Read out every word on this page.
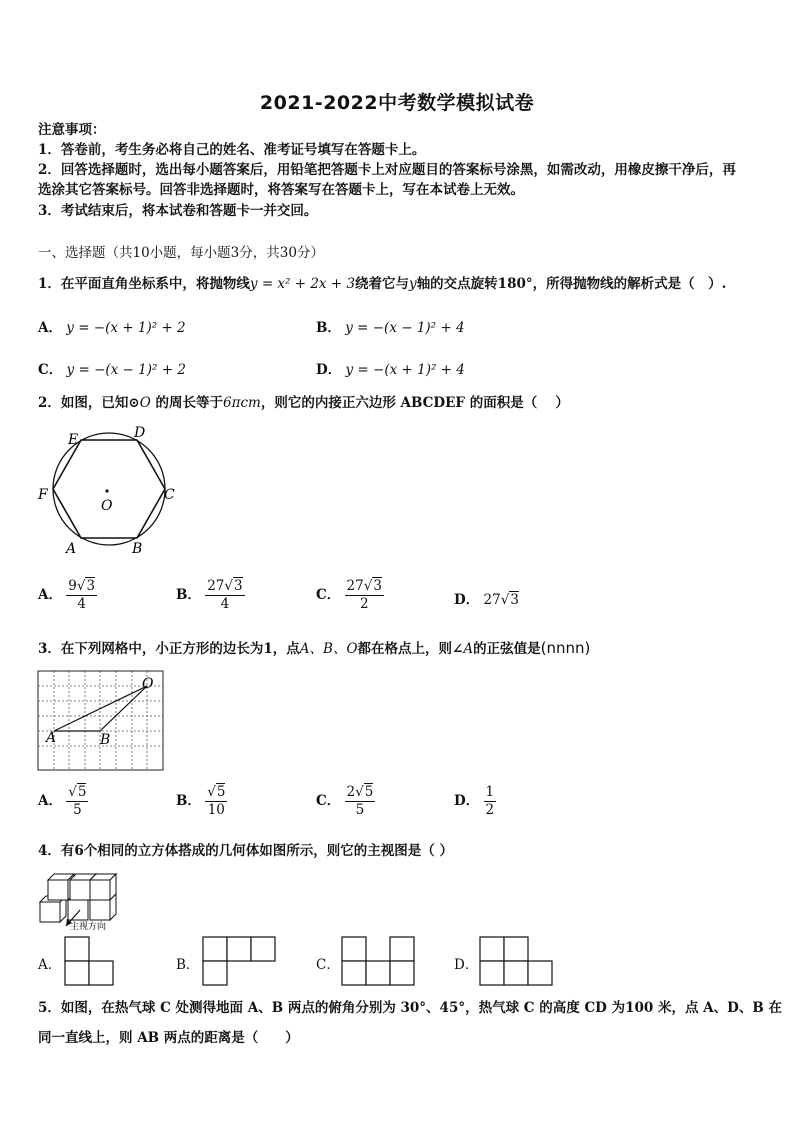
2021-2022中考数学模拟试卷
注意事项：
1．答卷前，考生务必将自己的姓名、准考证号填写在答题卡上。
2．回答选择题时，选出每小题答案后，用铅笔把答题卡上对应题目的答案标号涂黑，如需改动，用橡皮擦干净后，再
选涂其它答案标号。回答非选择题时，将答案写在答题卡上，写在本试卷上无效。
3．考试结束后，将本试卷和答题卡一并交回。
一、选择题（共10小题，每小题3分，共30分）
1．在平面直角坐标系中，将抛物线y = x² + 2x + 3绕着它与y轴的交点旋转180°，所得抛物线的解析式是（　）.
A． y = −(x + 1)² + 2	B． y = −(x − 1)² + 4
C． y = −(x − 1)² + 2	D． y = −(x + 1)² + 4
2．如图，已知⊙O 的周长等于6πcm，则它的内接正六边形 ABCDEF 的面积是（　 ）
E	D
F	C
A	B
O
A． $\frac{9√3}{4}$	B． $\frac{27√3}{4}$	C． $\frac{27√3}{2}$	D． 27√3
3．在下列网格中，小正方形的边长为1，点A、B、O都在格点上，则∠A的正弦值是(nnnn)
A	B
O
A． $\frac{√5}{5}$	B． $\frac{√5}{10}$	C． $\frac{2√5}{5}$	D． $\frac{1}{2}$
4．有6个相同的立方体搭成的几何体如图所示，则它的主视图是（ ）
主视方向
A．	B．	C．	D．
5．如图，在热气球 C 处测得地面 A、B 两点的俯角分别为 30°、45°，热气球 C 的高度 CD 为100 米，点 A、D、B 在
同一直线上，则 AB 两点的距离是（　　）
